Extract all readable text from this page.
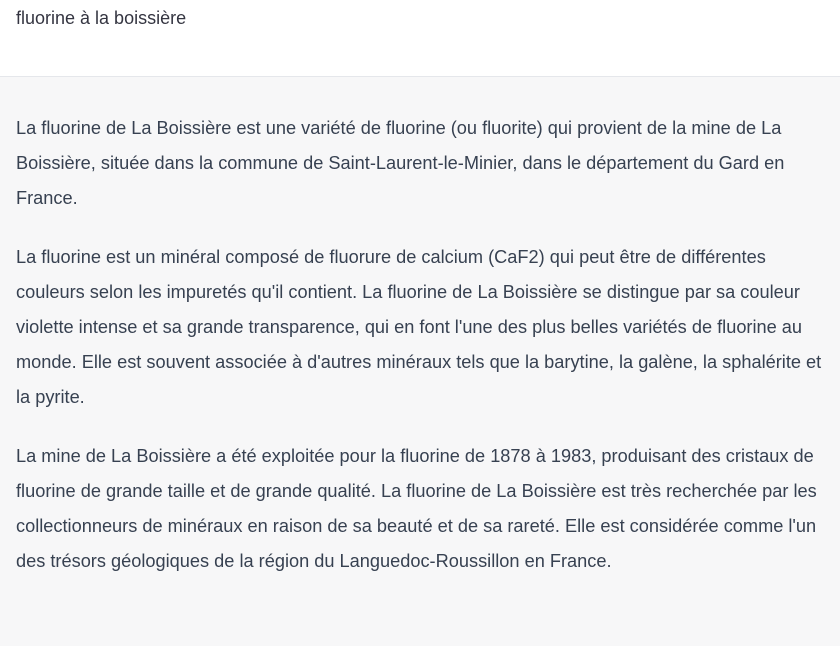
fluorine à la boissière

La fluorine de La Boissière est une variété de fluorine (ou fluorite) qui provient de la mine de La Boissière, située dans la commune de Saint-Laurent-le-Minier, dans le département du Gard en France.

La fluorine est un minéral composé de fluorure de calcium (CaF2) qui peut être de différentes couleurs selon les impuretés qu'il contient. La fluorine de La Boissière se distingue par sa couleur violette intense et sa grande transparence, qui en font l'une des plus belles variétés de fluorine au monde. Elle est souvent associée à d'autres minéraux tels que la barytine, la galène, la sphalérite et la pyrite.

La mine de La Boissière a été exploitée pour la fluorine de 1878 à 1983, produisant des cristaux de fluorine de grande taille et de grande qualité. La fluorine de La Boissière est très recherchée par les collectionneurs de minéraux en raison de sa beauté et de sa rareté. Elle est considérée comme l'un des trésors géologiques de la région du Languedoc-Roussillon en France.
